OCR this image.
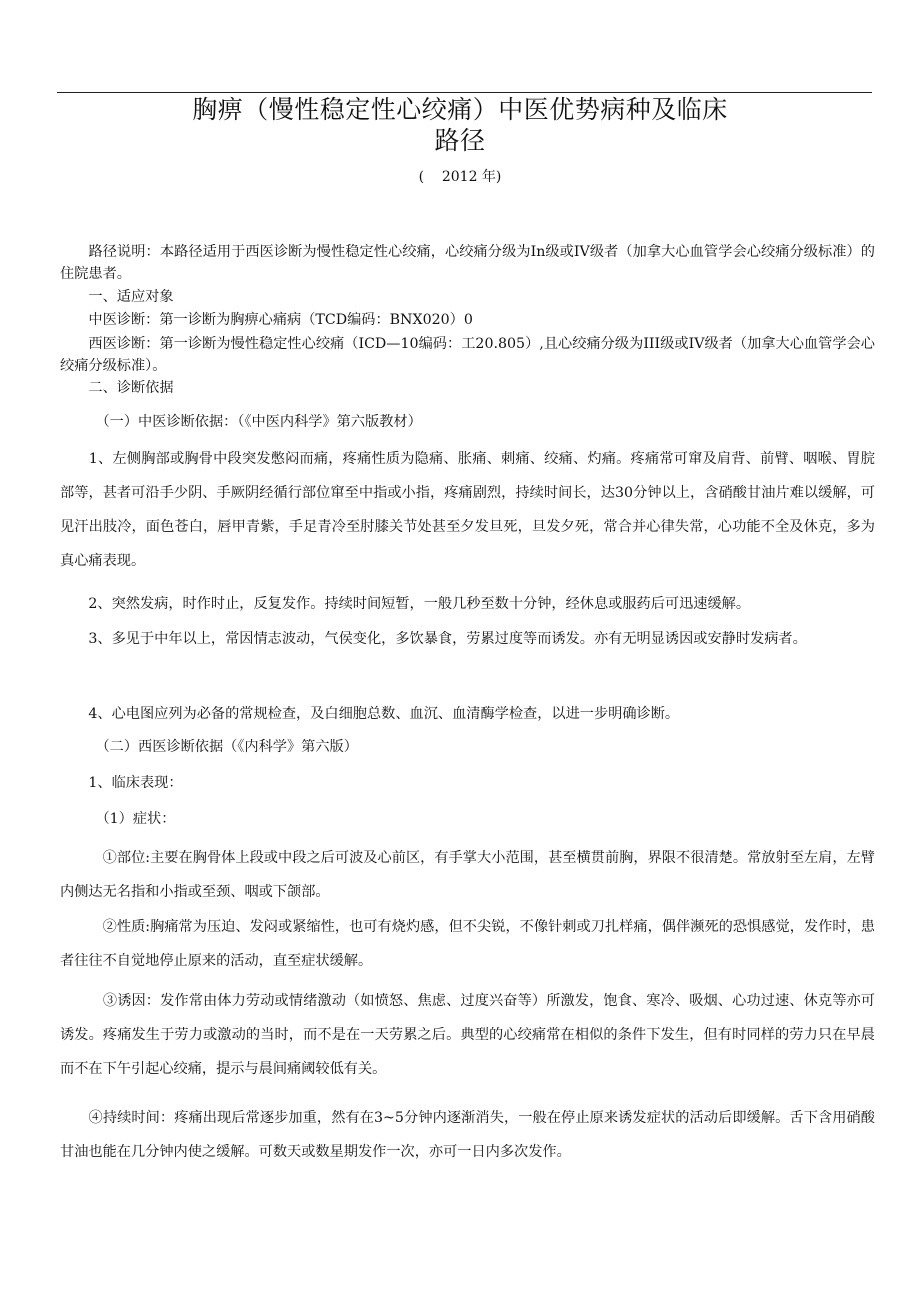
胸痹（慢性稳定性心绞痛）中医优势病种及临床
路径
(    2012 年)

　　路径说明：本路径适用于西医诊断为慢性稳定性心绞痛，心绞痛分级为In级或IV级者（加拿大心血管学会心绞痛分级标准）的住院患者。

　　一、适应对象

　　中医诊断：第一诊断为胸痹心痛病（TCD编码：BNX020）0

　　西医诊断：第一诊断为慢性稳定性心绞痛（ICD—10编码：工20.805）,且心绞痛分级为III级或IV级者（加拿大心血管学会心绞痛分级标准）。

　　二、诊断依据

　　　（一）中医诊断依据：（《中医内科学》第六版教材）

　　1、左侧胸部或胸骨中段突发憋闷而痛，疼痛性质为隐痛、胀痛、刺痛、绞痛、灼痛。疼痛常可窜及肩背、前臂、咽喉、胃脘部等，甚者可沿手少阴、手厥阴经循行部位窜至中指或小指，疼痛剧烈，持续时间长，达30分钟以上，含硝酸甘油片难以缓解，可见汗出肢冷，面色苍白，唇甲青紫，手足青冷至肘膝关节处甚至夕发旦死，旦发夕死，常合并心律失常，心功能不全及休克，多为真心痛表现。

　　2、突然发病，时作时止，反复发作。持续时间短暂，一般几秒至数十分钟，经休息或服药后可迅速缓解。

　　3、多见于中年以上，常因情志波动，气侯变化，多饮暴食，劳累过度等而诱发。亦有无明显诱因或安静时发病者。

　　4、心电图应列为必备的常规检查，及白细胞总数、血沉、血清酶学检查，以进一步明确诊断。

　　　（二）西医诊断依据（《内科学》第六版）

　　1、临床表现：

　　　（1）症状：

　　　①部位:主要在胸骨体上段或中段之后可波及心前区，有手掌大小范围，甚至横贯前胸，界限不很清楚。常放射至左肩，左臂内侧达无名指和小指或至颈、咽或下颌部。

　　　②性质:胸痛常为压迫、发闷或紧缩性，也可有烧灼感，但不尖锐，不像针刺或刀扎样痛，偶伴濒死的恐惧感觉，发作时，患者往往不自觉地停止原来的活动，直至症状缓解。

　　　③诱因：发作常由体力劳动或情绪激动（如愤怒、焦虑、过度兴奋等）所激发，饱食、寒冷、吸烟、心功过速、休克等亦可诱发。疼痛发生于劳力或激动的当时，而不是在一天劳累之后。典型的心绞痛常在相似的条件下发生，但有时同样的劳力只在早晨而不在下午引起心绞痛，提示与晨间痛阈较低有关。

　　④持续时间：疼痛出现后常逐步加重，然有在3~5分钟内逐渐消失，一般在停止原来诱发症状的活动后即缓解。舌下含用硝酸甘油也能在几分钟内使之缓解。可数天或数星期发作一次，亦可一日内多次发作。
